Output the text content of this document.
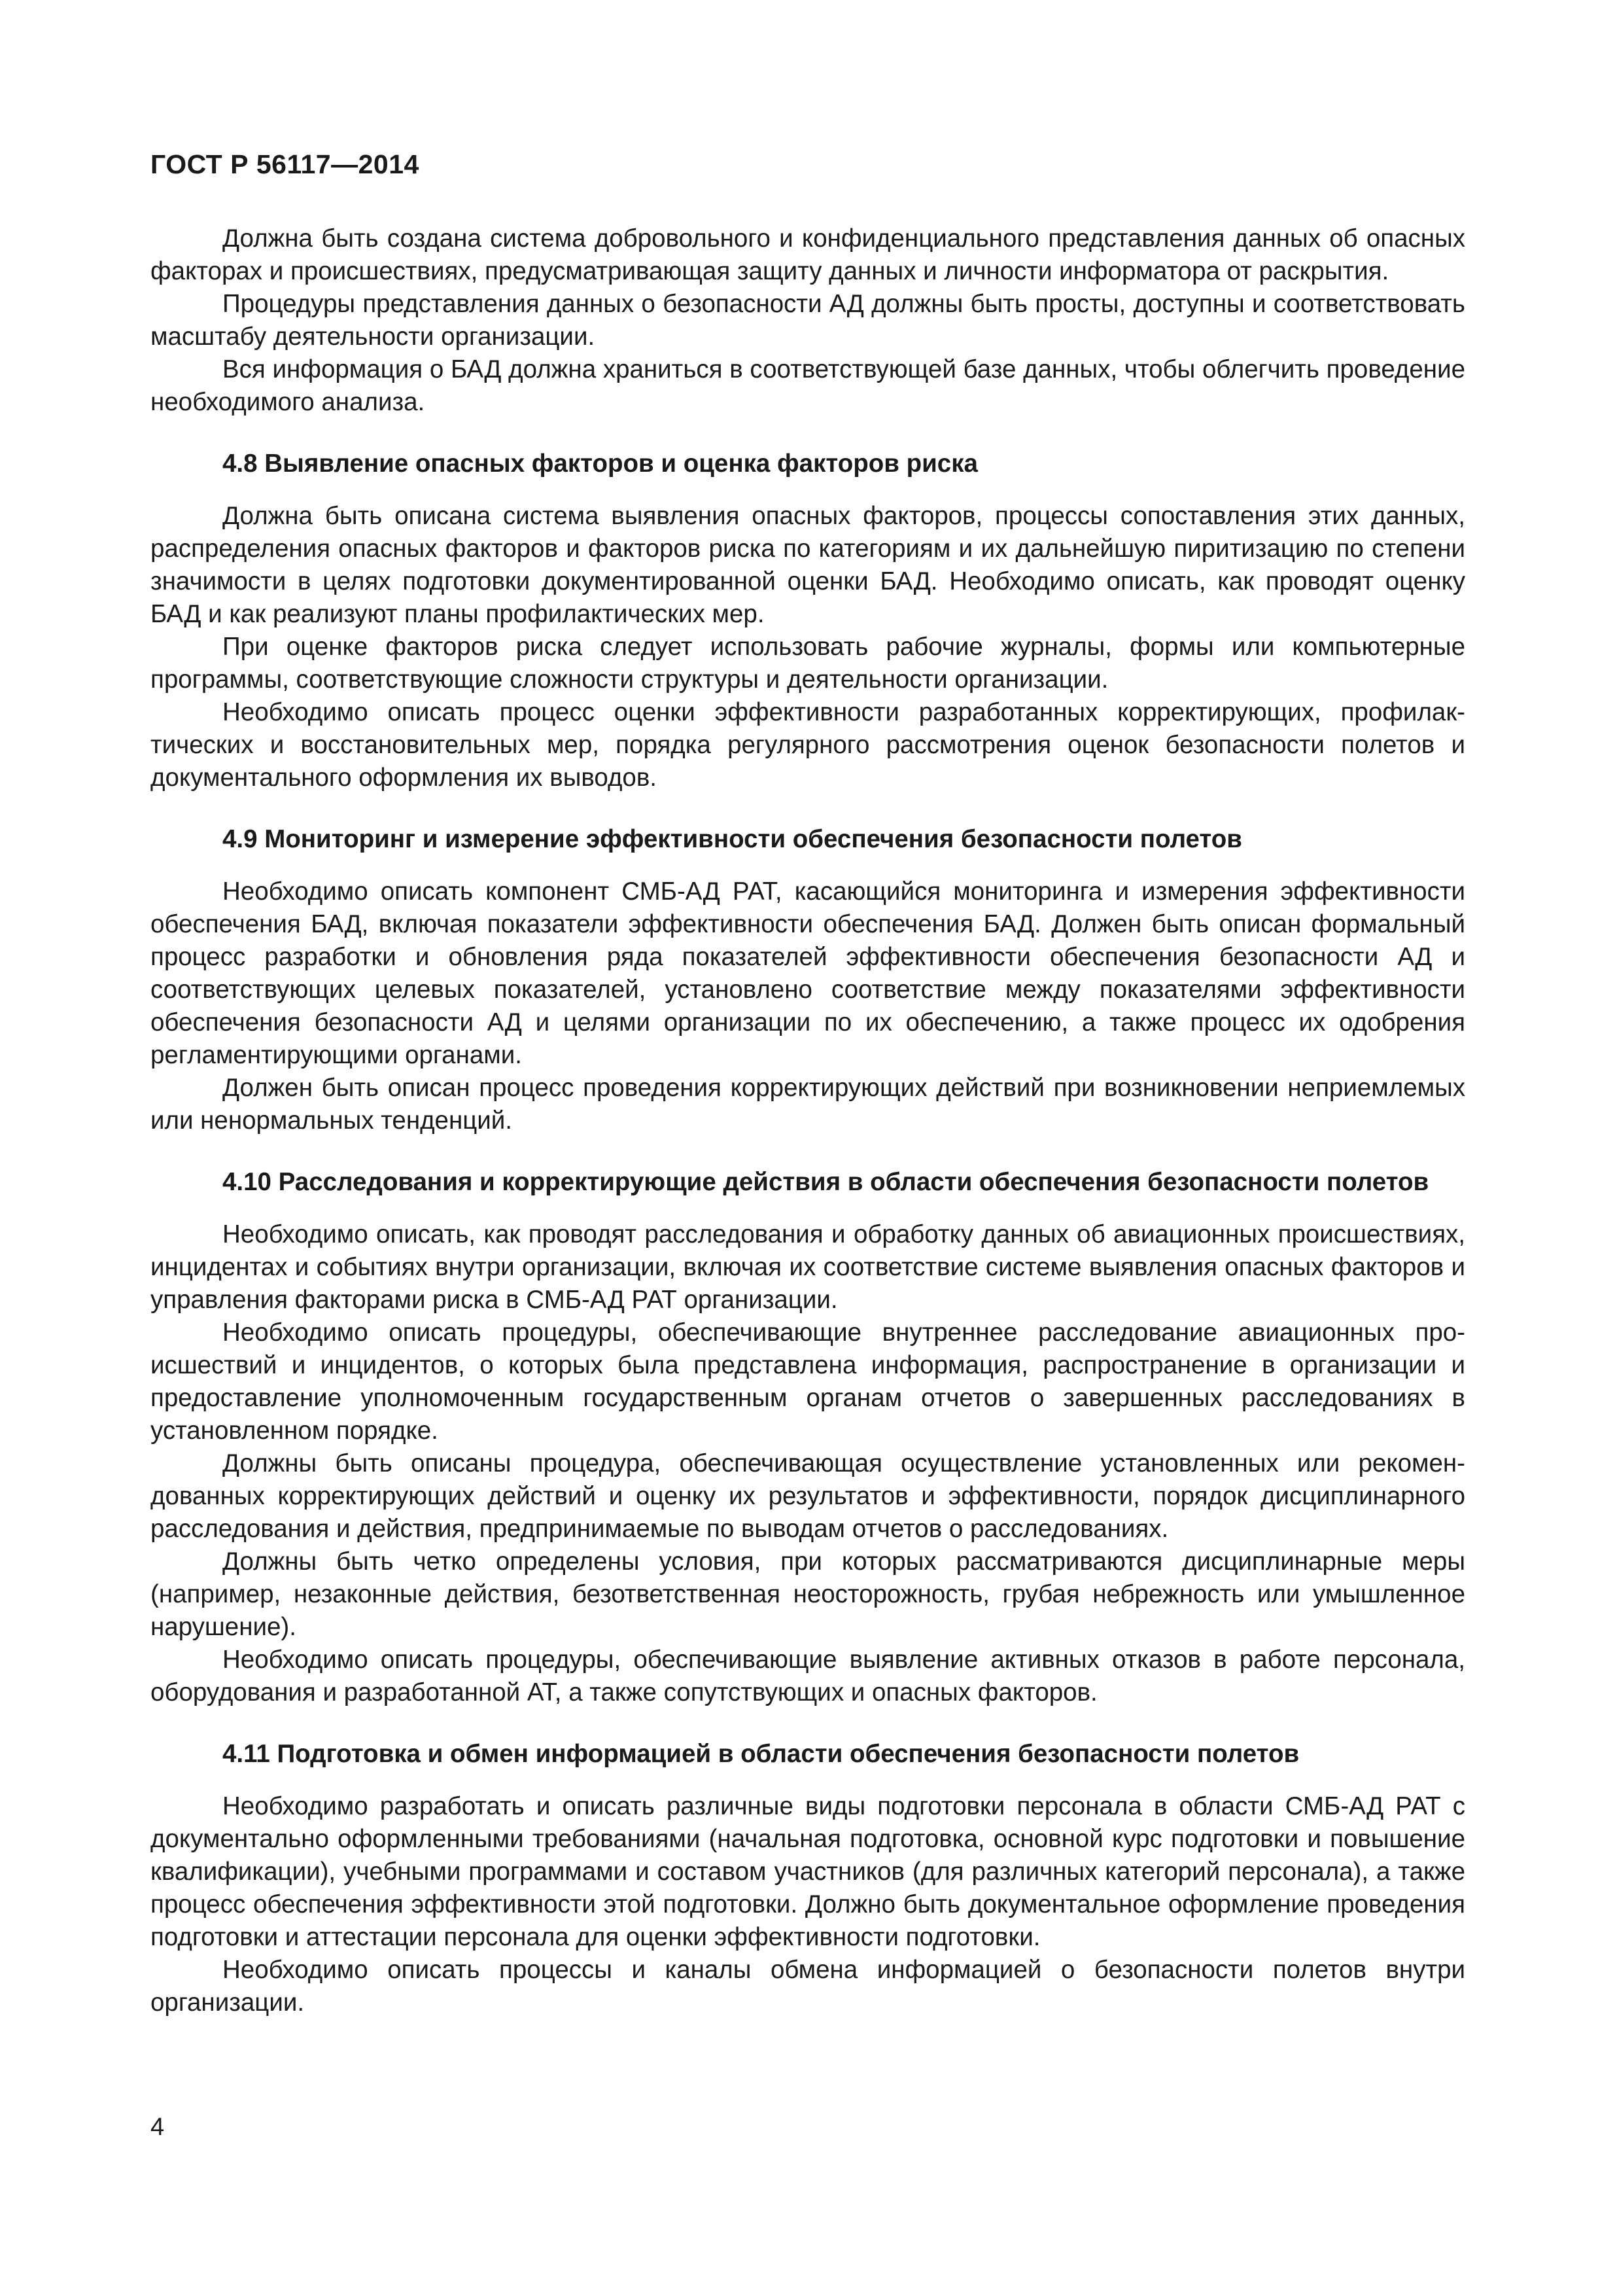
ГОСТ Р 56117—2014

Должна быть создана система добровольного и конфиденциального представления данных об опасных факторах и происшествиях, предусматривающая защиту данных и личности информатора от раскрытия.

Процедуры представления данных о безопасности АД должны быть просты, доступны и соответствовать масштабу деятельности организации.

Вся информация о БАД должна храниться в соответствующей базе данных, чтобы облегчить проведение необходимого анализа.

4.8 Выявление опасных факторов и оценка факторов риска

Должна быть описана система выявления опасных факторов, процессы сопоставления этих данных, распределения опасных факторов и факторов риска по категориям и их дальнейшую пиритизацию по степени значимости в целях подготовки документированной оценки БАД. Необходимо описать, как проводят оценку БАД и как реализуют планы профилактических мер.

При оценке факторов риска следует использовать рабочие журналы, формы или компьютерные программы, соответствующие сложности структуры и деятельности организации.

Необходимо описать процесс оценки эффективности разработанных корректирующих, профилактических и восстановительных мер, порядка регулярного рассмотрения оценок безопасности полетов и документального оформления их выводов.

4.9 Мониторинг и измерение эффективности обеспечения безопасности полетов

Необходимо описать компонент СМБ-АД РАТ, касающийся мониторинга и измерения эффективности обеспечения БАД, включая показатели эффективности обеспечения БАД. Должен быть описан формальный процесс разработки и обновления ряда показателей эффективности обеспечения безопасности АД и соответствующих целевых показателей, установлено соответствие между показателями эффективности обеспечения безопасности АД и целями организации по их обеспечению, а также процесс их одобрения регламентирующими органами.

Должен быть описан процесс проведения корректирующих действий при возникновении неприемлемых или ненормальных тенденций.

4.10 Расследования и корректирующие действия в области обеспечения безопасности полетов

Необходимо описать, как проводят расследования и обработку данных об авиационных происшествиях, инцидентах и событиях внутри организации, включая их соответствие системе выявления опасных факторов и управления факторами риска в СМБ-АД РАТ организации.

Необходимо описать процедуры, обеспечивающие внутреннее расследование авиационных происшествий и инцидентов, о которых была представлена информация, распространение в организации и предоставление уполномоченным государственным органам отчетов о завершенных расследованиях в установленном порядке.

Должны быть описаны процедура, обеспечивающая осуществление установленных или рекомендованных корректирующих действий и оценку их результатов и эффективности, порядок дисциплинарного расследования и действия, предпринимаемые по выводам отчетов о расследованиях.

Должны быть четко определены условия, при которых рассматриваются дисциплинарные меры (например, незаконные действия, безответственная неосторожность, грубая небрежность или умышленное нарушение).

Необходимо описать процедуры, обеспечивающие выявление активных отказов в работе персонала, оборудования и разработанной АТ, а также сопутствующих и опасных факторов.

4.11 Подготовка и обмен информацией в области обеспечения безопасности полетов

Необходимо разработать и описать различные виды подготовки персонала в области СМБ-АД РАТ с документально оформленными требованиями (начальная подготовка, основной курс подготовки и повышение квалификации), учебными программами и составом участников (для различных категорий персонала), а также процесс обеспечения эффективности этой подготовки. Должно быть документальное оформление проведения подготовки и аттестации персонала для оценки эффективности подготовки.

Необходимо описать процессы и каналы обмена информацией о безопасности полетов внутри организации.

4
